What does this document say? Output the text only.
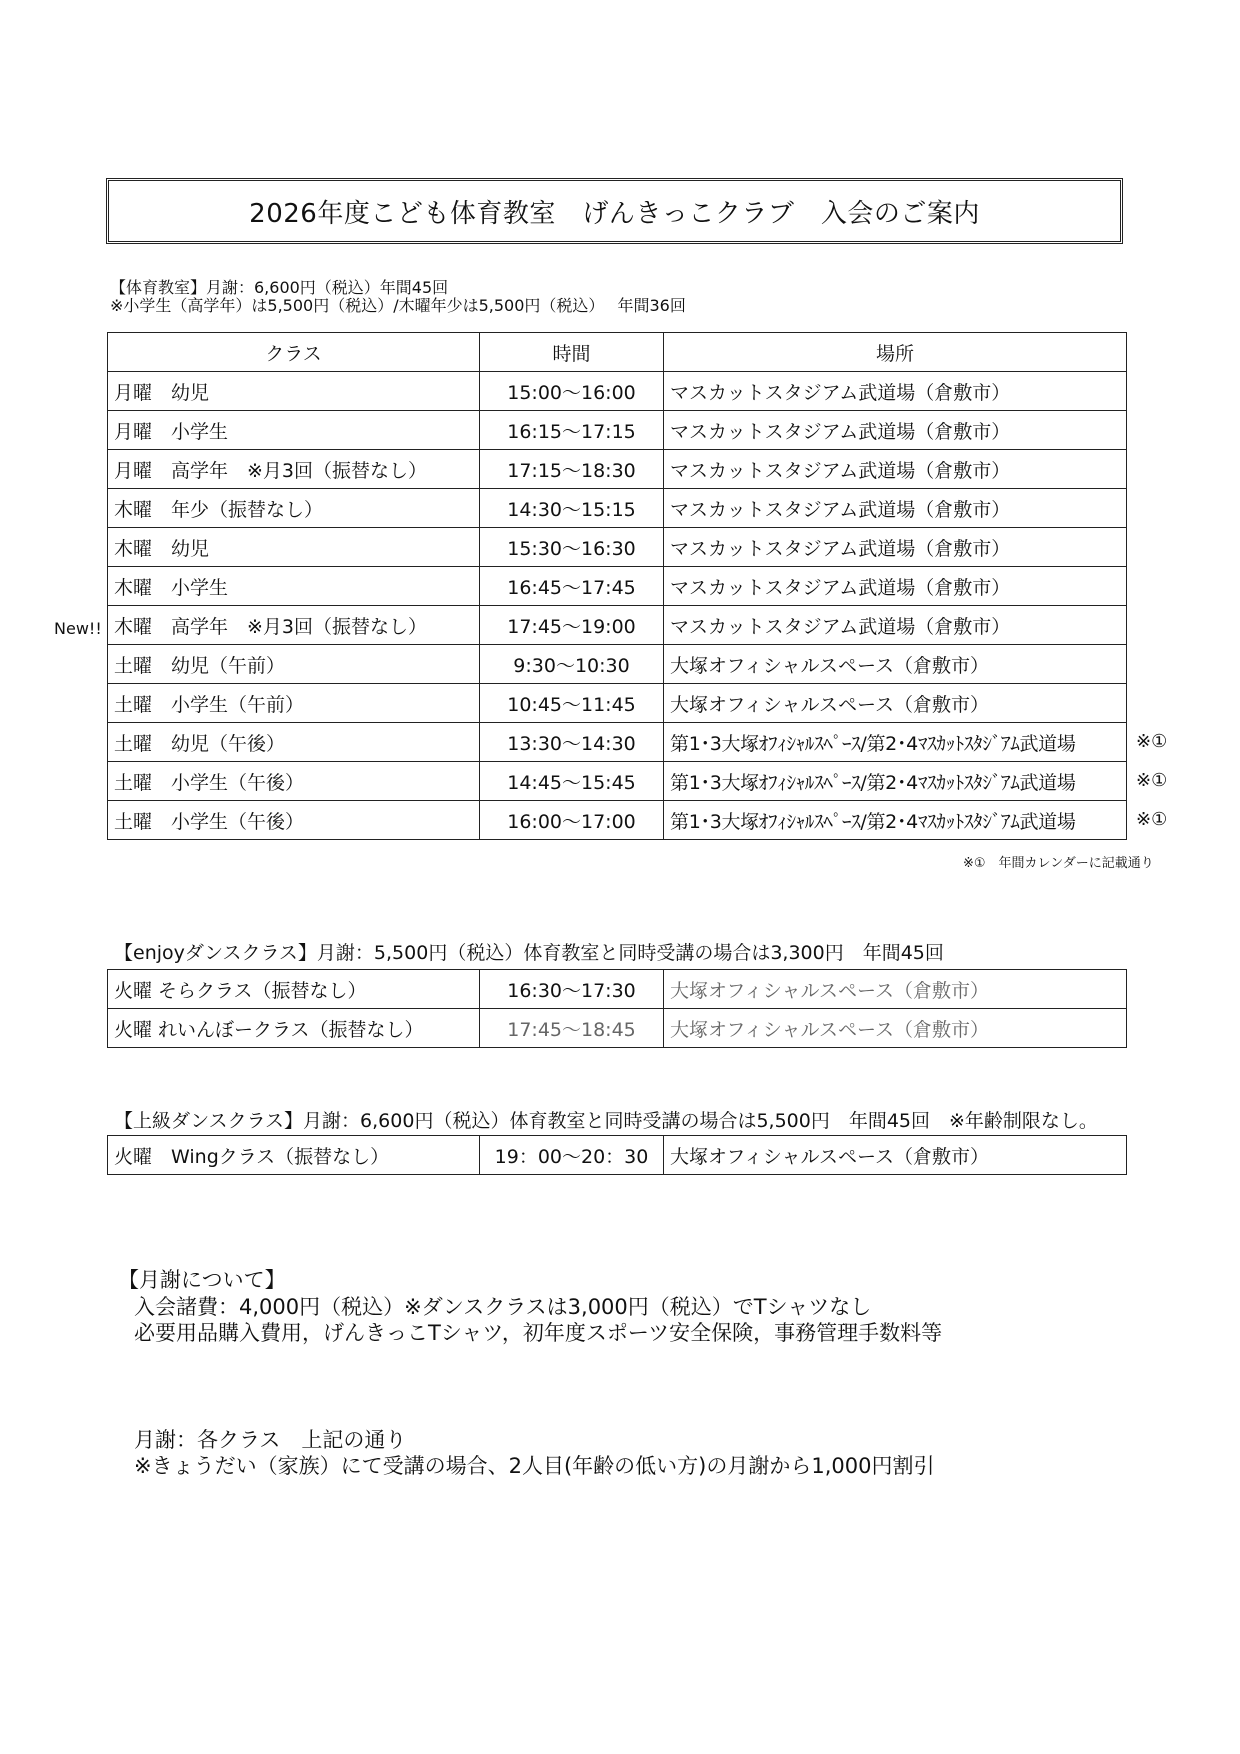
2026年度こども体育教室　げんきっこクラブ　入会のご案内
【体育教室】月謝：6,600円（税込）年間45回
※小学生（高学年）は5,500円（税込）/木曜年少は5,500円（税込）　 年間36回
クラス	時間	場所
月曜　幼児	15:00～16:00	マスカットスタジアム武道場（倉敷市）
月曜　小学生	16:15～17:15	マスカットスタジアム武道場（倉敷市）
月曜　高学年　※月3回（振替なし）	17:15～18:30	マスカットスタジアム武道場（倉敷市）
木曜　年少（振替なし）	14:30～15:15	マスカットスタジアム武道場（倉敷市）
木曜　幼児	15:30～16:30	マスカットスタジアム武道場（倉敷市）
木曜　小学生	16:45～17:45	マスカットスタジアム武道場（倉敷市）
木曜　高学年　※月3回（振替なし）	17:45～19:00	マスカットスタジアム武道場（倉敷市）
土曜　幼児（午前）	9:30～10:30	大塚オフィシャルスペース（倉敷市）
土曜　小学生（午前）	10:45～11:45	大塚オフィシャルスペース（倉敷市）
土曜　幼児（午後）	13:30～14:30	第1･3大塚ｵﾌｨｼｬﾙｽﾍﾟｰｽ/第2･4ﾏｽｶｯﾄｽﾀｼﾞｱﾑ武道場
土曜　小学生（午後）	14:45～15:45	第1･3大塚ｵﾌｨｼｬﾙｽﾍﾟｰｽ/第2･4ﾏｽｶｯﾄｽﾀｼﾞｱﾑ武道場
土曜　小学生（午後）	16:00～17:00	第1･3大塚ｵﾌｨｼｬﾙｽﾍﾟｰｽ/第2･4ﾏｽｶｯﾄｽﾀｼﾞｱﾑ武道場
New!!
※①
※①
※①
※①　年間カレンダーに記載通り
【enjoyダンスクラス】月謝：5,500円（税込）体育教室と同時受講の場合は3,300円　年間45回
火曜 そらクラス（振替なし）	16:30～17:30	大塚オフィシャルスペース（倉敷市）
火曜 れいんぼークラス（振替なし）	17:45～18:45	大塚オフィシャルスペース（倉敷市）
【上級ダンスクラス】月謝：6,600円（税込）体育教室と同時受講の場合は5,500円　年間45回　※年齢制限なし。
火曜　Wingクラス（振替なし）	19：00～20：30	大塚オフィシャルスペース（倉敷市）
【月謝について】
入会諸費：4,000円（税込）※ダンスクラスは3,000円（税込）でTシャツなし
必要用品購入費用，げんきっこTシャツ，初年度スポーツ安全保険，事務管理手数料等
月謝：各クラス　上記の通り
※きょうだい（家族）にて受講の場合、2人目(年齢の低い方)の月謝から1,000円割引
